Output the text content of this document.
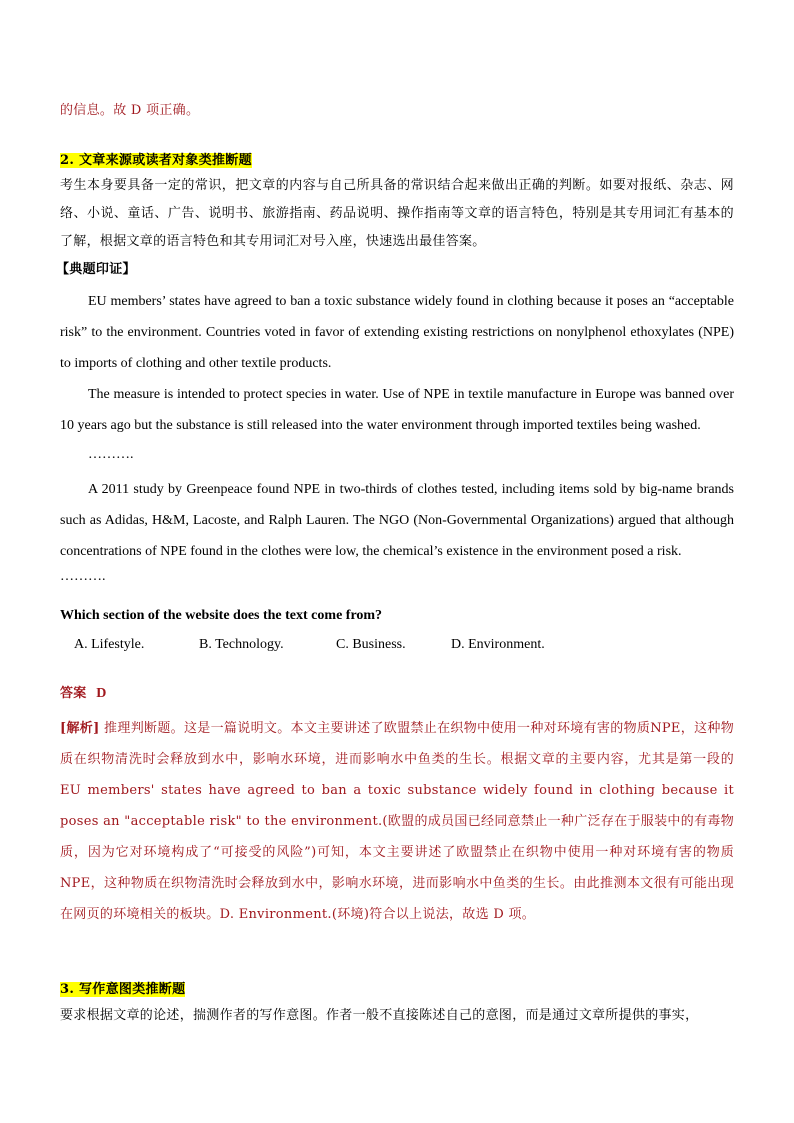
的信息。故 D 项正确。

2. 文章来源或读者对象类推断题

考生本身要具备一定的常识，把文章的内容与自己所具备的常识结合起来做出正确的判断。如要对报纸、杂志、网络、小说、童话、广告、说明书、旅游指南、药品说明、操作指南等文章的语言特色，特别是其专用词汇有基本的了解，根据文章的语言特色和其专用词汇对号入座，快速选出最佳答案。

【典题印证】

EU members’ states have agreed to ban a toxic substance widely found in clothing because it poses an “acceptable risk” to the environment. Countries voted in favor of extending existing restrictions on nonylphenol ethoxylates (NPE) to imports of clothing and other textile products.

The measure is intended to protect species in water. Use of NPE in textile manufacture in Europe was banned over 10 years ago but the substance is still released into the water environment through imported textiles being washed.

……….

A 2011 study by Greenpeace found NPE in two-thirds of clothes tested, including items sold by big-name brands such as Adidas, H&M, Lacoste, and Ralph Lauren. The NGO (Non-Governmental Organizations) argued that although concentrations of NPE found in the clothes were low, the chemical’s existence in the environment posed a risk.

……….

Which section of the website does the text come from?

A. Lifestyle.	B. Technology.	C. Business.	D. Environment.
答案 D

[解析] 推理判断题。这是一篇说明文。本文主要讲述了欧盟禁止在织物中使用一种对环境有害的物质NPE，这种物质在织物清洗时会释放到水中，影响水环境，进而影响水中鱼类的生长。根据文章的主要内容，尤其是第一段的 EU members' states have agreed to ban a toxic substance widely found in clothing because it poses an "acceptable risk" to the environment.(欧盟的成员国已经同意禁止一种广泛存在于服装中的有毒物质，因为它对环境构成了“可接受的风险”)可知，本文主要讲述了欧盟禁止在织物中使用一种对环境有害的物质NPE，这种物质在织物清洗时会释放到水中，影响水环境，进而影响水中鱼类的生长。由此推测本文很有可能出现在网页的环境相关的板块。D. Environment.(环境)符合以上说法，故选 D 项。

3. 写作意图类推断题

要求根据文章的论述，揣测作者的写作意图。作者一般不直接陈述自己的意图，而是通过文章所提供的事实，
